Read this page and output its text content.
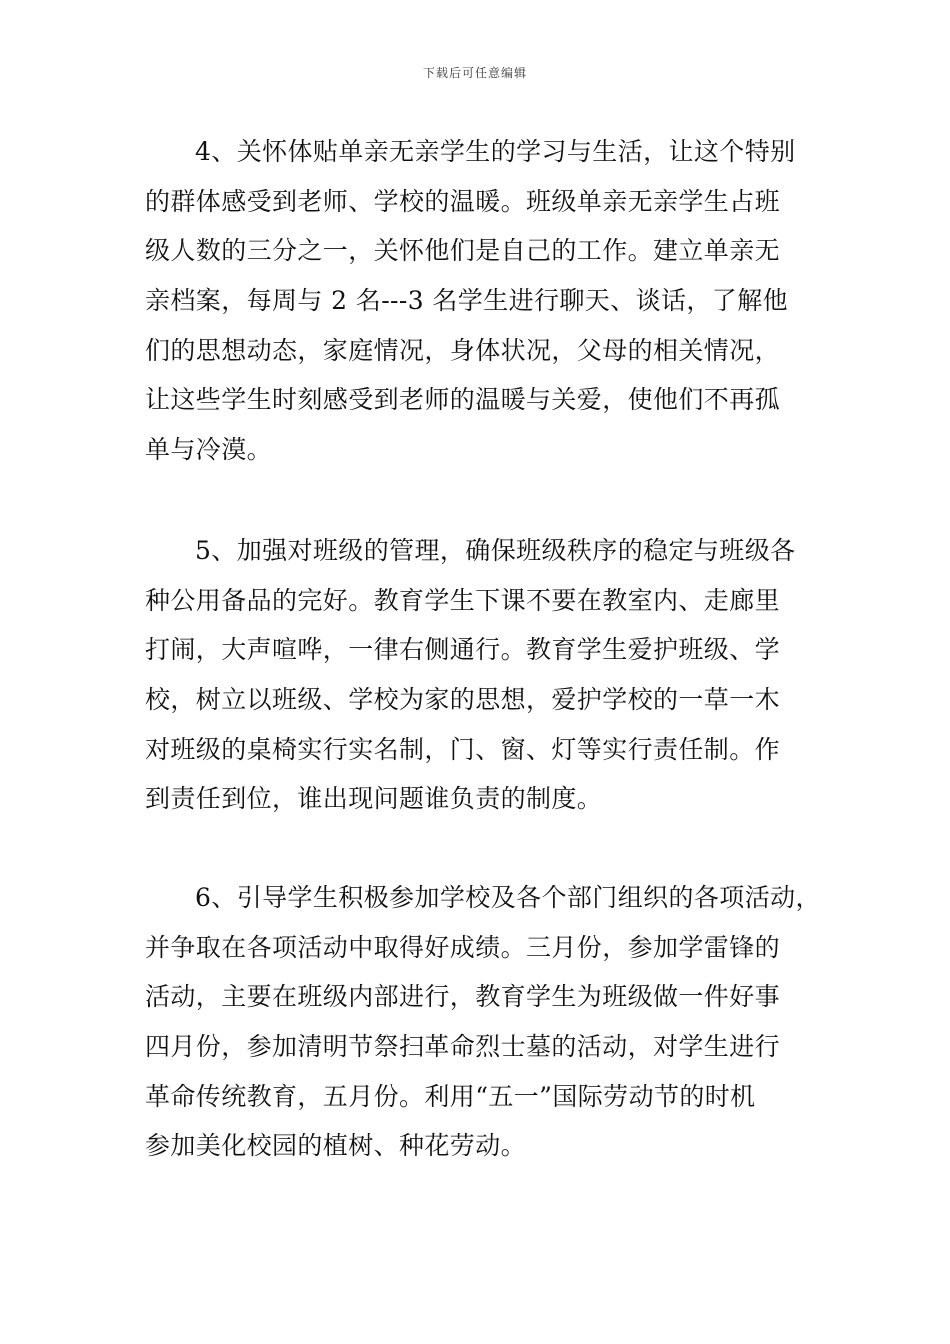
下载后可任意编辑
4、关怀体贴单亲无亲学生的学习与生活，让这个特别
的群体感受到老师、学校的温暖。班级单亲无亲学生占班
级人数的三分之一，关怀他们是自己的工作。建立单亲无
亲档案，每周与 2 名---3 名学生进行聊天、谈话，了解他
们的思想动态，家庭情况，身体状况，父母的相关情况，
让这些学生时刻感受到老师的温暖与关爱，使他们不再孤
单与冷漠。
5、加强对班级的管理，确保班级秩序的稳定与班级各
种公用备品的完好。教育学生下课不要在教室内、走廊里
打闹，大声喧哗，一律右侧通行。教育学生爱护班级、学
校，树立以班级、学校为家的思想，爱护学校的一草一木
对班级的桌椅实行实名制，门、窗、灯等实行责任制。作
到责任到位，谁出现问题谁负责的制度。
6、引导学生积极参加学校及各个部门组织的各项活动，
并争取在各项活动中取得好成绩。三月份，参加学雷锋的
活动，主要在班级内部进行，教育学生为班级做一件好事
四月份，参加清明节祭扫革命烈士墓的活动，对学生进行
革命传统教育，五月份。利用“五一”国际劳动节的时机
参加美化校园的植树、种花劳动。
